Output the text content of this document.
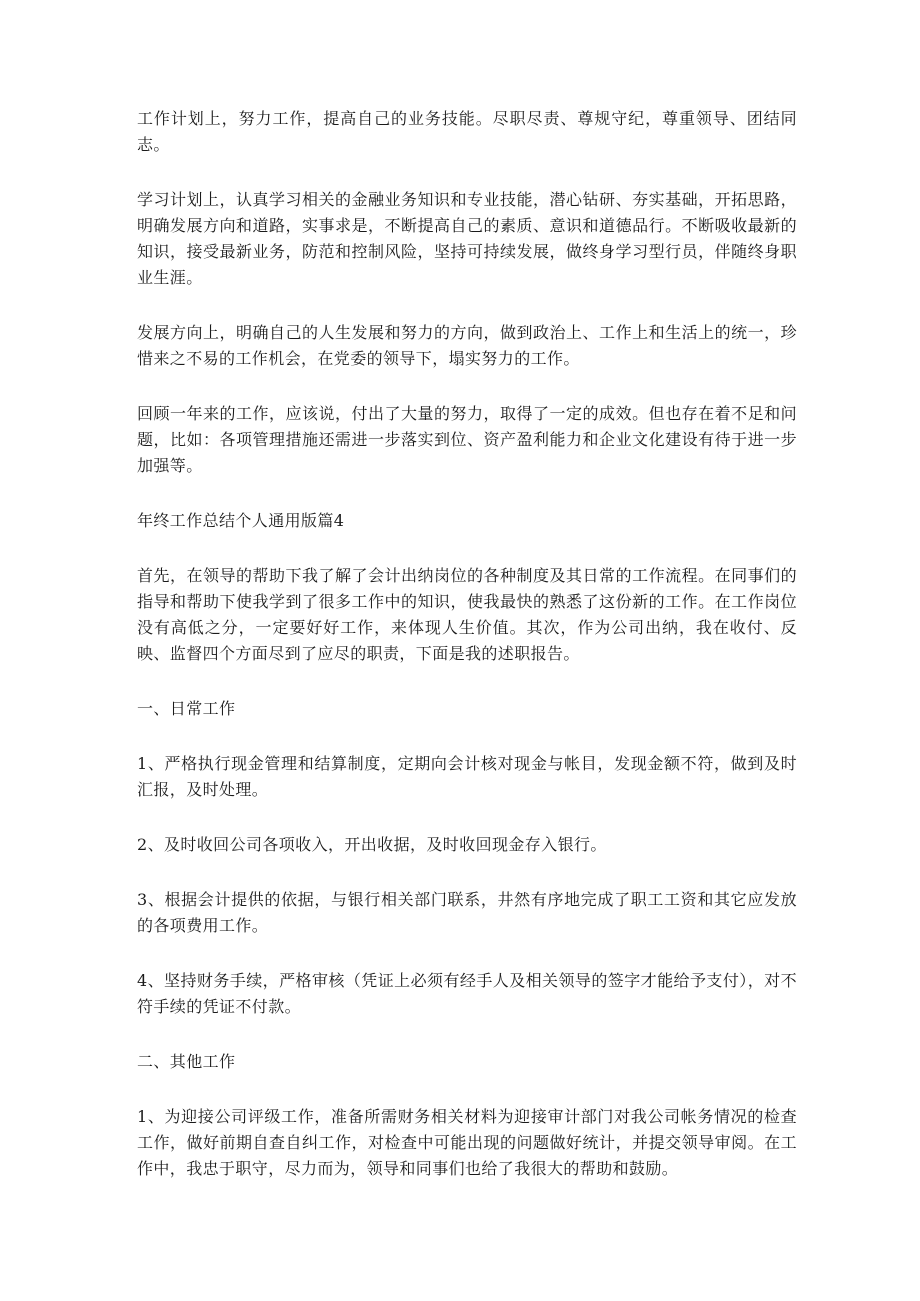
工作计划上，努力工作，提高自己的业务技能。尽职尽责、尊规守纪，尊重领导、团结同志。

学习计划上，认真学习相关的金融业务知识和专业技能，潜心钻研、夯实基础，开拓思路，明确发展方向和道路，实事求是，不断提高自己的素质、意识和道德品行。不断吸收最新的知识，接受最新业务，防范和控制风险，坚持可持续发展，做终身学习型行员，伴随终身职业生涯。

发展方向上，明确自己的人生发展和努力的方向，做到政治上、工作上和生活上的统一，珍惜来之不易的工作机会，在党委的领导下，塌实努力的工作。

回顾一年来的工作，应该说，付出了大量的努力，取得了一定的成效。但也存在着不足和问题，比如：各项管理措施还需进一步落实到位、资产盈利能力和企业文化建设有待于进一步加强等。

年终工作总结个人通用版篇4

首先，在领导的帮助下我了解了会计出纳岗位的各种制度及其日常的工作流程。在同事们的指导和帮助下使我学到了很多工作中的知识，使我最快的熟悉了这份新的工作。在工作岗位没有高低之分，一定要好好工作，来体现人生价值。其次，作为公司出纳，我在收付、反映、监督四个方面尽到了应尽的职责，下面是我的述职报告。

一、日常工作

1、严格执行现金管理和结算制度，定期向会计核对现金与帐目，发现金额不符，做到及时汇报，及时处理。

2、及时收回公司各项收入，开出收据，及时收回现金存入银行。

3、根据会计提供的依据，与银行相关部门联系，井然有序地完成了职工工资和其它应发放的各项费用工作。

4、坚持财务手续，严格审核（凭证上必须有经手人及相关领导的签字才能给予支付），对不符手续的凭证不付款。

二、其他工作

1、为迎接公司评级工作，准备所需财务相关材料为迎接审计部门对我公司帐务情况的检查工作，做好前期自查自纠工作，对检查中可能出现的问题做好统计，并提交领导审阅。在工作中，我忠于职守，尽力而为，领导和同事们也给了我很大的帮助和鼓励。
